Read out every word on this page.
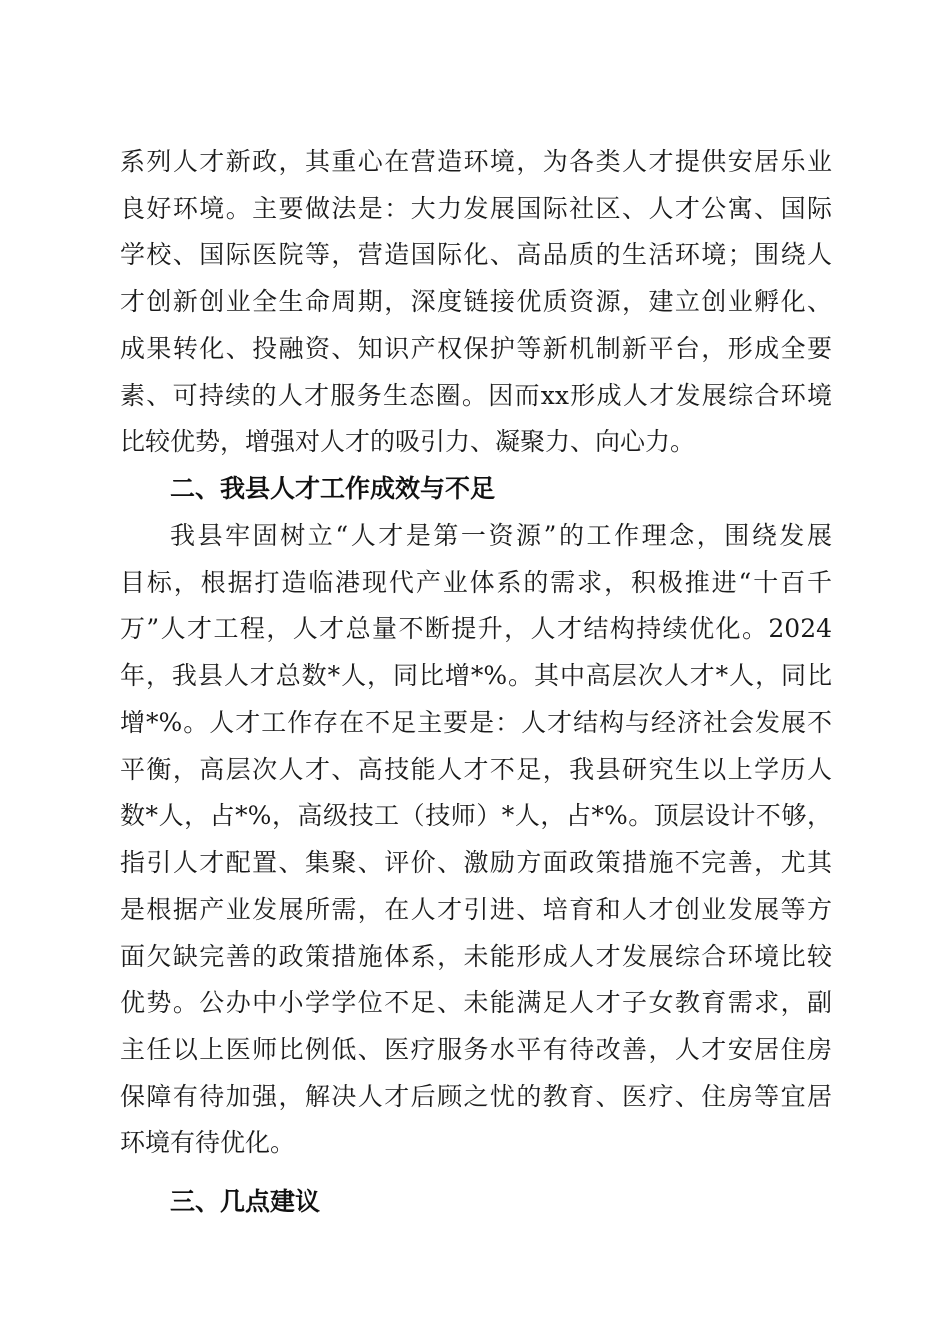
系列人才新政，其重心在营造环境，为各类人才提供安居乐业
良好环境。主要做法是：大力发展国际社区、人才公寓、国际
学校、国际医院等，营造国际化、高品质的生活环境；围绕人
才创新创业全生命周期，深度链接优质资源，建立创业孵化、
成果转化、投融资、知识产权保护等新机制新平台，形成全要
素、可持续的人才服务生态圈。因而xx形成人才发展综合环境
比较优势，增强对人才的吸引力、凝聚力、向心力。
二、我县人才工作成效与不足
我县牢固树立“人才是第一资源”的工作理念，围绕发展
目标，根据打造临港现代产业体系的需求，积极推进“十百千
万”人才工程，人才总量不断提升，人才结构持续优化。2024
年，我县人才总数*人，同比增*%。其中高层次人才*人，同比
增*%。人才工作存在不足主要是：人才结构与经济社会发展不
平衡，高层次人才、高技能人才不足，我县研究生以上学历人
数*人，占*%，高级技工（技师）*人，占*%。顶层设计不够，
指引人才配置、集聚、评价、激励方面政策措施不完善，尤其
是根据产业发展所需，在人才引进、培育和人才创业发展等方
面欠缺完善的政策措施体系，未能形成人才发展综合环境比较
优势。公办中小学学位不足、未能满足人才子女教育需求，副
主任以上医师比例低、医疗服务水平有待改善，人才安居住房
保障有待加强，解决人才后顾之忧的教育、医疗、住房等宜居
环境有待优化。
三、几点建议
